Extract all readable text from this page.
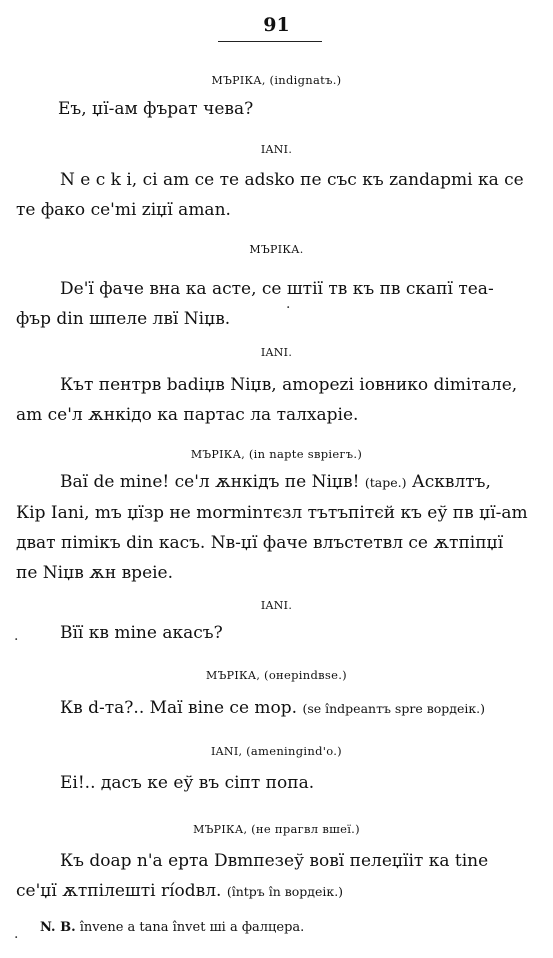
91
МЪРІКА, (indignatъ.)
Еъ, џї-ам фърат чева?
IANI.
N e c k i, ci am се те adsko пе със къ zandapmi ка се
те фако ce'mi ziџї aman.
МЪРІКА.
De'ї фаче вна ка асте, се штії тв къ пв скапї теа-
фър din шпеле лвї Niџв.
IANI.
Кът пентрв badiџв Niџв, amopezi іовнико dimітале,
am ce'л ѫнкідо ка партас ла талхаріе.
МЪРІКА, (in napte sвpieгъ.)
Baї de mine! ce'л ѫнкідъ пе Niџв! (tape.) Асквлтъ,
Кір Iani, mъ џїзр не mоrmіnтєзл тътъпітєй къ еў пв џї-am
дват пimікъ din касъ. Nв-џї фаче влъстетвл се ѫтпiпџї
пе Niџв ѫн вреіе.
IANI.
Bїї кв mine акасъ?
МЪРІКА, (онеріndвsе.)
Кв d-та?.. Maї віnе се mop. (se îndpеanтъ spre вордеiк.)
IANI, (ameningind'o.)
Ei!.. дасъ ке еў въ сіпт попа.
МЪРІКА, (не прагвл вшеї.)
Къ doap n'a ерта Dвmпезеў вовї пелеџїiт ка tine
ce'џї ѫтпiлешті ríodвл. (întpъ în вордеік.)
N. B. învеne a tana învet шi a фалцеpa.
·
·
·
